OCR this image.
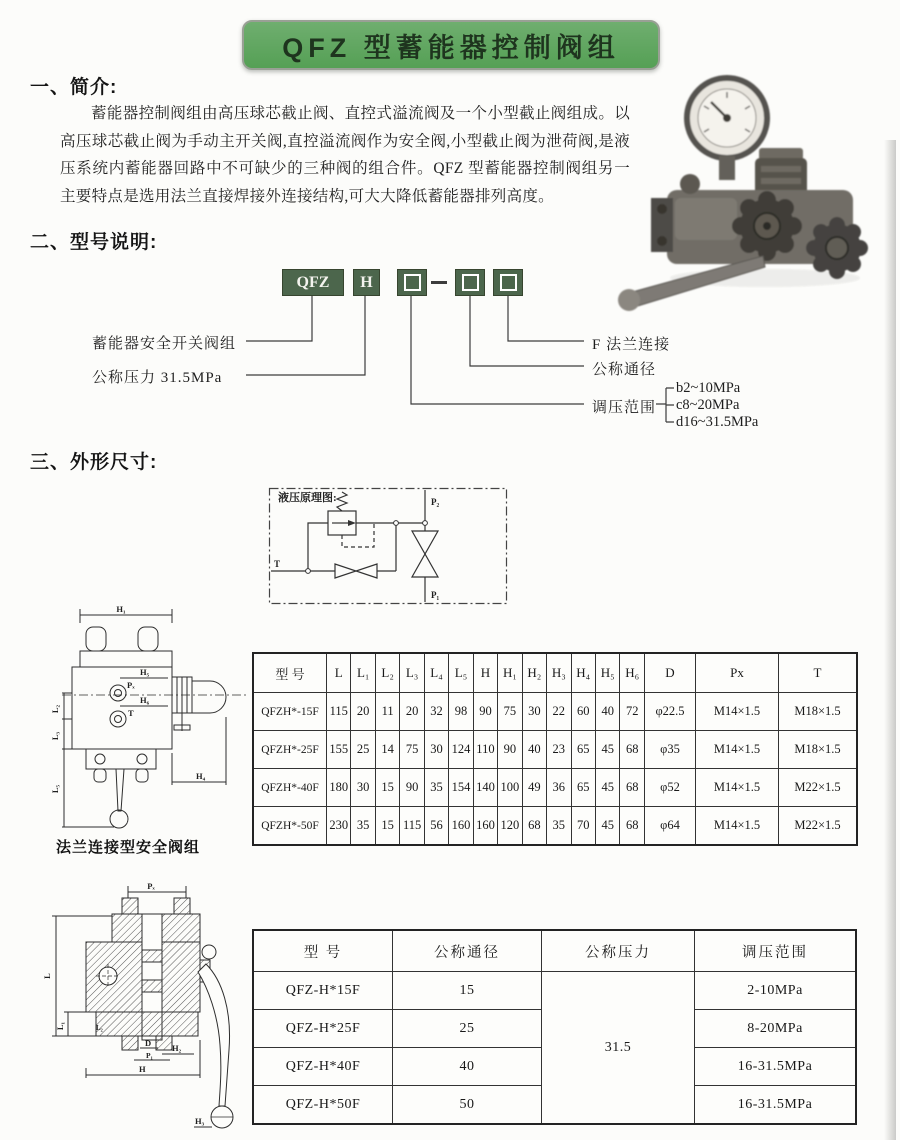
QFZ 型蓄能器控制阀组
一、简介:

蓄能器控制阀组由高压球芯截止阀、直控式溢流阀及一个小型截止阀组成。以高压球芯截止阀为手动主开关阀,直控溢流阀作为安全阀,小型截止阀为泄荷阀,是液压系统内蓄能器回路中不可缺少的三种阀的组合件。QFZ 型蓄能器控制阀组另一主要特点是选用法兰直接焊接外连接结构,可大大降低蓄能器排列高度。

二、型号说明:
QFZ	H
蓄能器安全开关阀组
公称压力 31.5MPa
F 法兰连接
公称通径
调压范围
b2~10MPa
c8~20MPa
d16~31.5MPa
三、外形尺寸:
液压原理图:	P₂
P₁
T
H₁
H₅
H₆
Pₓ
T
L₂
L₃
L₅
H₄
法兰连接型安全阀组
型 号	L	L₁	L₂	L₃	L₄	L₅	H	H₁	H₂	H₃	H₄	H₅	H₆	D	Px	T
QFZH*-15F	115	20	11	20	32	98	90	75	30	22	60	40	72	φ22.5	M14×1.5	M18×1.5
QFZH*-25F	155	25	14	75	30	124	110	90	40	23	65	45	68	φ35	M14×1.5	M18×1.5
QFZH*-40F	180	30	15	90	35	154	140	100	49	36	65	45	68	φ52	M14×1.5	M22×1.5
QFZH*-50F	230	35	15	115	56	160	160	120	68	35	70	45	68	φ64	M14×1.5	M22×1.5
Pₓ
L
L₁	L₂
D
P₁
H₂
H
H₃
型 号	公称通径	公称压力	调压范围
QFZ-H*15F	15	31.5	2-10MPa
QFZ-H*25F	25		8-20MPa
QFZ-H*40F	40		16-31.5MPa
QFZ-H*50F	50		16-31.5MPa
